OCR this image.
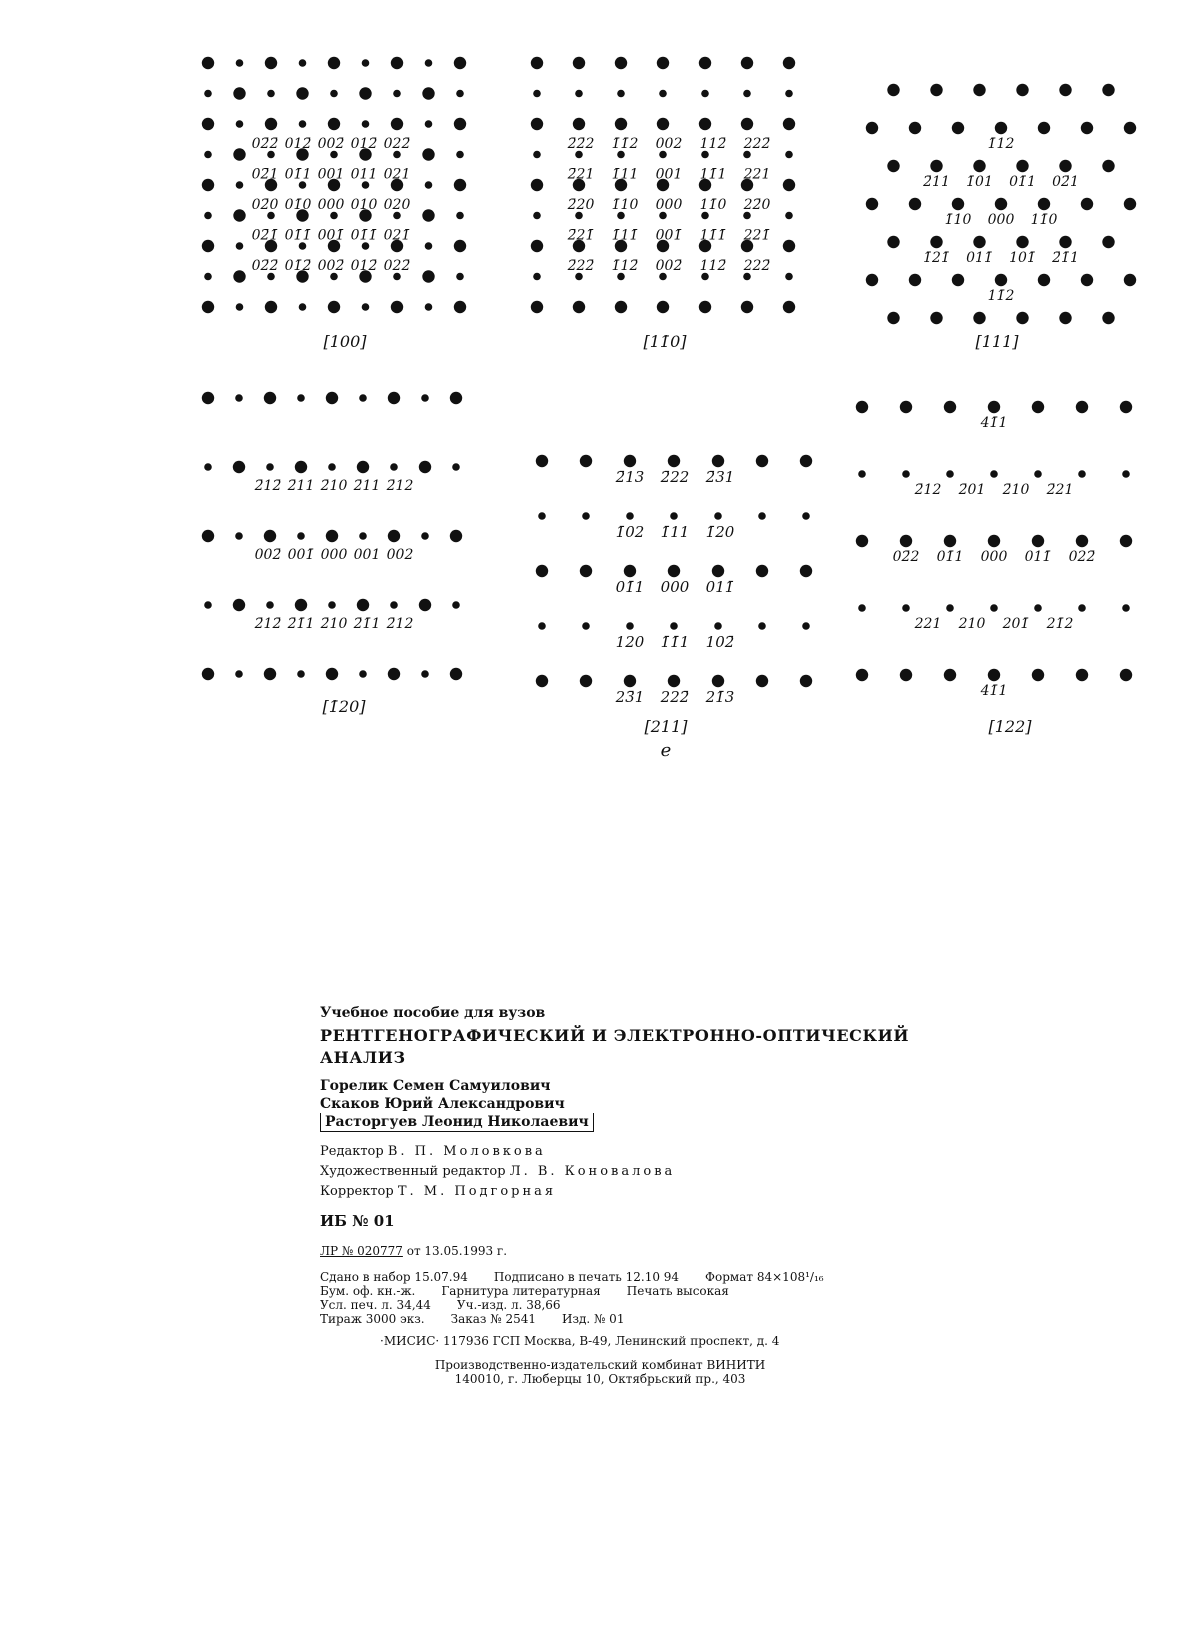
02̄2̄ 012̄ 002̄ 012̄ 022̄
02̄1 01̄1 001 011 021
02̄0 01̄0 000 010 020
02̄1̄ 01̄1̄ 001̄ 01̄1̄ 021̄
02̄2̄ 01̄2̄ 002̄ 012̄ 022̄
[100]
2̄2̄2 1̄1̄2 002 112̄ 222̄
2̄21 1̄11 001 11̄1 221
2̄20 1̄10 000 11̄0 22̄0
2̄21̄ 1̄11̄ 001̄ 11̄1̄ 221̄
2̄22̄ 1̄12̄ 002̄ 112̄ 222̄
[11̄0]
1̄12
2̄11 1̄01 01̄1 02̄1
1̄10 000 11̄0
1̄21̄ 011̄ 101̄ 2̄1̄1
11̄2
[111]
2̄12̄ 2̄11 2̄10 2̄11 2̄12
002̄ 001̄ 000 001 002
2̄12̄ 2̄1̄1 2̄10 2̄1̄1 2̄12
[1̄20]
2̄13 2̄22 2̄31
1̄02 1̄11 1̄20
01̄1 000 011̄
120 1̄1̄1 102̄
23̄1 222̄ 21̄3
[211]
e
41̄1
2̄12 2̄01 2̄10 2̄21
02̄2 01̄1 000 011̄ 022̄
221 210 201̄ 21̄2
41̄1
[122]
Учебное пособие для вузов
РЕНТГЕНОГРАФИЧЕСКИЙ И ЭЛЕКТРОННО-ОПТИЧЕСКИЙ
АНАЛИЗ
Горелик Семен Самуилович
Скаков Юрий Александрович
Расторгуев Леонид Николаевич
Редактор В. П. Моловкова
Художественный редактор Л. В. Коновалова
Корректор Т. М. Подгорная
ИБ № 01
ЛР № 020777 от 13.05.1993 г.
Сдано в набор 15.07.94 Подписано в печать 12.10 94 Формат 84×108¹/₁₆
Бум. оф. кн.-ж. Гарнитура литературная Печать высокая
Усл. печ. л. 34,44 Уч.-изд. л. 38,66
Тираж 3000 экз. Заказ № 2541 Изд. № 01
·МИСИС· 117936 ГСП Москва, В-49, Ленинский проспект, д. 4
Производственно-издательский комбинат ВИНИТИ
140010, г. Люберцы 10, Октябрьский пр., 403
